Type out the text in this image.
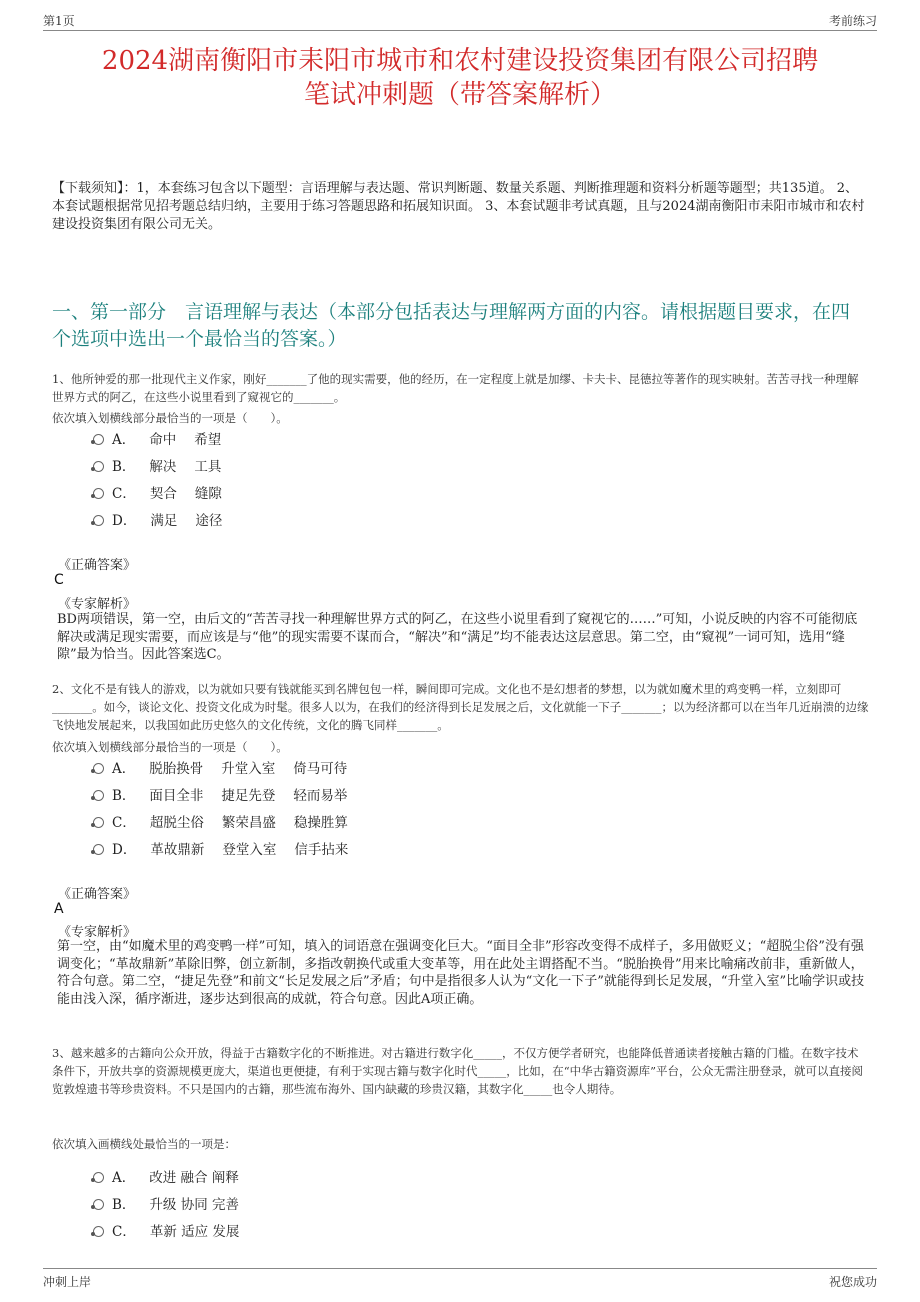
第1页	考前练习
2024湖南衡阳市耒阳市城市和农村建设投资集团有限公司招聘
笔试冲刺题（带答案解析）
【下载须知】：1，本套练习包含以下题型：言语理解与表达题、常识判断题、数量关系题、判断推理题和资料分析题等题型；共135道。 2、本套试题根据常见招考题总结归纳，主要用于练习答题思路和拓展知识面。 3、本套试题非考试真题，且与2024湖南衡阳市耒阳市城市和农村建设投资集团有限公司无关。
一、第一部分　言语理解与表达（本部分包括表达与理解两方面的内容。请根据题目要求，在四个选项中选出一个最恰当的答案。）
1、他所钟爱的那一批现代主义作家，刚好_______了他的现实需要，他的经历，在一定程度上就是加缪、卡夫卡、昆德拉等著作的现实映射。苦苦寻找一种理解世界方式的阿乙，在这些小说里看到了窥视它的_______。
依次填入划横线部分最恰当的一项是（　　）。
A． 命中 希望
B． 解决 工具
C． 契合 缝隙
D． 满足 途径
《正确答案》
C
《专家解析》
BD两项错误，第一空，由后文的“苦苦寻找一种理解世界方式的阿乙，在这些小说里看到了窥视它的……”可知，小说反映的内容不可能彻底解决或满足现实需要，而应该是与“他”的现实需要不谋而合，“解决”和“满足”均不能表达这层意思。第二空，由“窥视”一词可知，选用“缝隙”最为恰当。因此答案选C。
2、文化不是有钱人的游戏，以为就如只要有钱就能买到名牌包包一样，瞬间即可完成。文化也不是幻想者的梦想，以为就如魔术里的鸡变鸭一样，立刻即可_______。如今，谈论文化、投资文化成为时髦。很多人以为，在我们的经济得到长足发展之后，文化就能一下子_______；以为经济都可以在当年几近崩溃的边缘飞快地发展起来，以我国如此历史悠久的文化传统，文化的腾飞同样_______。
依次填入划横线部分最恰当的一项是（　　）。
A． 脱胎换骨 升堂入室 倚马可待
B． 面目全非 捷足先登 轻而易举
C． 超脱尘俗 繁荣昌盛 稳操胜算
D． 革故鼎新 登堂入室 信手拈来
《正确答案》
A
《专家解析》
第一空，由“如魔术里的鸡变鸭一样”可知，填入的词语意在强调变化巨大。“面目全非”形容改变得不成样子，多用做贬义；“超脱尘俗”没有强调变化；“革故鼎新”革除旧弊，创立新制，多指改朝换代或重大变革等，用在此处主谓搭配不当。“脱胎换骨”用来比喻痛改前非，重新做人，符合句意。第二空，“捷足先登”和前文“长足发展之后”矛盾；句中是指很多人认为“文化一下子”就能得到长足发展，“升堂入室”比喻学识或技能由浅入深，循序渐进，逐步达到很高的成就，符合句意。因此A项正确。
3、越来越多的古籍向公众开放，得益于古籍数字化的不断推进。对古籍进行数字化_____，不仅方便学者研究，也能降低普通读者接触古籍的门槛。在数字技术条件下，开放共享的资源规模更庞大，渠道也更便捷，有利于实现古籍与数字化时代_____，比如，在“中华古籍资源库”平台，公众无需注册登录，就可以直接阅览敦煌遗书等珍贵资料。不只是国内的古籍，那些流布海外、国内缺藏的珍贵汉籍，其数字化_____也令人期待。
依次填入画横线处最恰当的一项是：
A． 改进 融合 阐释
B． 升级 协同 完善
C． 革新 适应 发展
冲刺上岸	祝您成功
